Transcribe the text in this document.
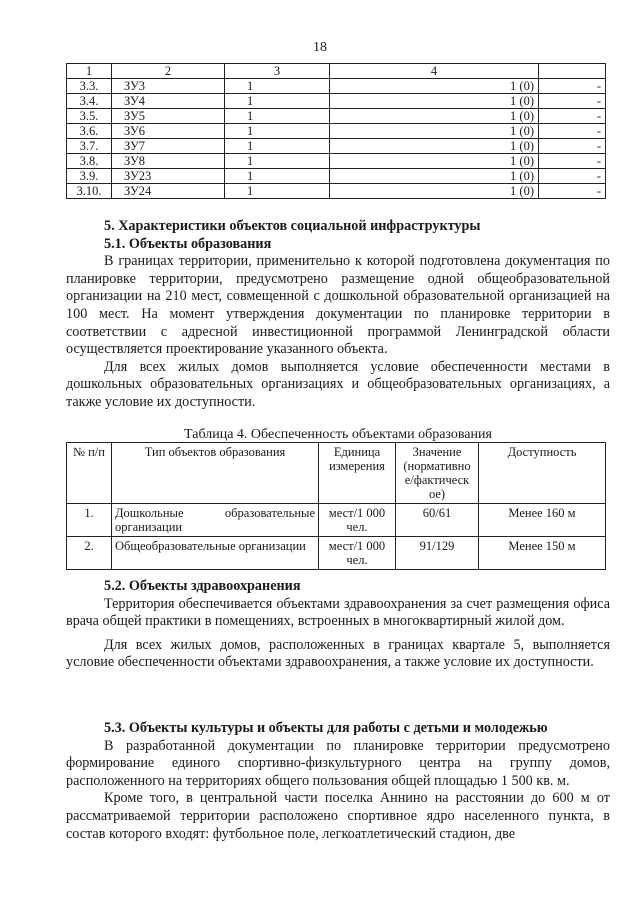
18
1	2	3	4	
3.3.	ЗУ3	1	1 (0)	-
3.4.	ЗУ4	1	1 (0)	-
3.5.	ЗУ5	1	1 (0)	-
3.6.	ЗУ6	1	1 (0)	-
3.7.	ЗУ7	1	1 (0)	-
3.8.	ЗУ8	1	1 (0)	-
3.9.	ЗУ23	1	1 (0)	-
3.10.	ЗУ24	1	1 (0)	-
5. Характеристики объектов социальной инфраструктуры
5.1. Объекты образования

В границах территории, применительно к которой подготовлена документация по планировке территории, предусмотрено размещение одной общеобразовательной организации на 210 мест, совмещенной с дошкольной образовательной организацией на 100 мест. На момент утверждения документации по планировке территории в соответствии с адресной инвестиционной программой Ленинградской области осуществляется проектирование указанного объекта.

Для всех жилых домов выполняется условие обеспеченности местами в дошкольных образовательных организациях и общеобразовательных организациях, а также условие их доступности.

Таблица 4. Обеспеченность объектами образования
№ п/п	Тип объектов образования	Единица измерения	Значение (нормативно е/фактическ ое)	Доступность
1.	Дошкольные образовательные организации	мест/1 000 чел.	60/61	Менее 160 м
2.	Общеобразовательные организации	мест/1 000 чел.	91/129	Менее 150 м
5.2. Объекты здравоохранения

Территория обеспечивается объектами здравоохранения за счет размещения офиса врача общей практики в помещениях, встроенных в многоквартирный жилой дом.

Для всех жилых домов, расположенных в границах квартале 5, выполняется условие обеспеченности объектами здравоохранения, а также условие их доступности.

5.3. Объекты культуры и объекты для работы с детьми и молодежью

В разработанной документации по планировке территории предусмотрено формирование единого спортивно-физкультурного центра на группу домов, расположенного на территориях общего пользования общей площадью 1 500 кв. м.

Кроме того, в центральной части поселка Аннино на расстоянии до 600 м от рассматриваемой территории расположено спортивное ядро населенного пункта, в состав которого входят: футбольное поле, легкоатлетический стадион, две
